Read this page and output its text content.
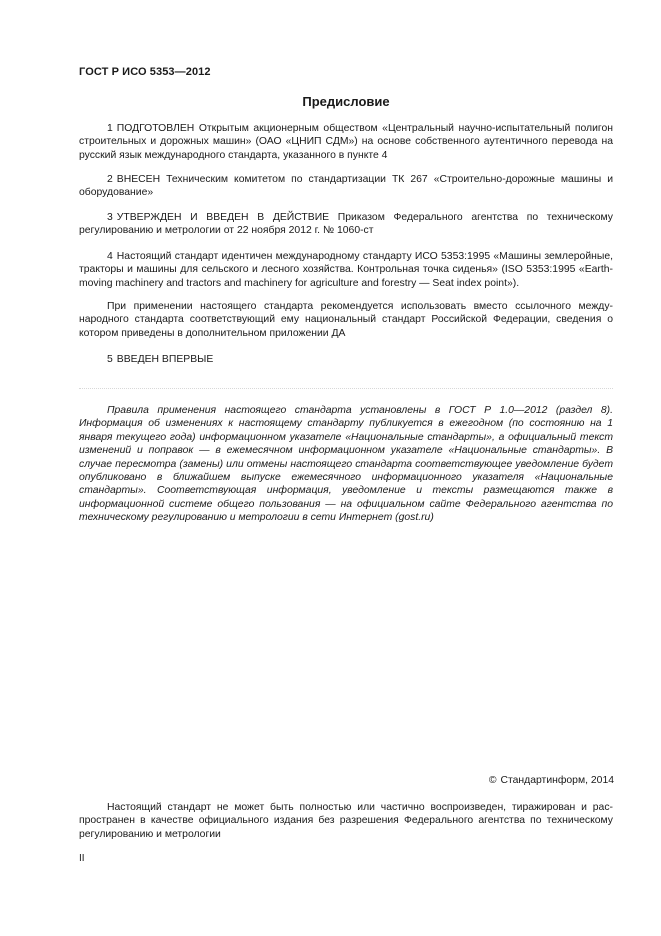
ГОСТ Р ИСО 5353—2012
Предисловие

1 ПОДГОТОВЛЕН Открытым акционерным обществом «Центральный научно-испытательный полигон строительных и дорожных машин» (ОАО «ЦНИП СДМ») на основе собственного аутентичного перевода на русский язык международного стандарта, указанного в пункте 4

2 ВНЕСЕН Техническим комитетом по стандартизации ТК 267 «Строительно-дорожные машины и оборудование»

3 УТВЕРЖДЕН И ВВЕДЕН В ДЕЙСТВИЕ Приказом Федерального агентства по техническому регулированию и метрологии от 22 ноября 2012 г. № 1060-ст

4 Настоящий стандарт идентичен международному стандарту ИСО 5353:1995 «Машины землеройные, тракторы и машины для сельского и лесного хозяйства. Контрольная точка сиденья» (ISO 5353:1995 «Earth-moving machinery and tractors and machinery for agriculture and forestry — Seat index point»).

При применении настоящего стандарта рекомендуется использовать вместо ссылочного международного стандарта соответствующий ему национальный стандарт Российской Федерации, сведения о котором приведены в дополнительном приложении ДА

5 ВВЕДЕН ВПЕРВЫЕ

Правила применения настоящего стандарта установлены в ГОСТ Р 1.0—2012 (раздел 8). Информация об изменениях к настоящему стандарту публикуется в ежегодном (по состоянию на 1 января текущего года) информационном указателе «Национальные стандарты», а официальный текст изменений и поправок — в ежемесячном информационном указателе «Национальные стандарты». В случае пересмотра (замены) или отмены настоящего стандарта соответствующее уведомление будет опубликовано в ближайшем выпуске ежемесячного информационного указателя «Национальные стандарты». Соответствующая информация, уведомление и тексты размещаются также в информационной системе общего пользования — на официальном сайте Федерального агентства по техническому регулированию и метрологии в сети Интернет (gost.ru)

© Стандартинформ, 2014

Настоящий стандарт не может быть полностью или частично воспроизведен, тиражирован и распространен в качестве официального издания без разрешения Федерального агентства по техническому регулированию и метрологии

II
